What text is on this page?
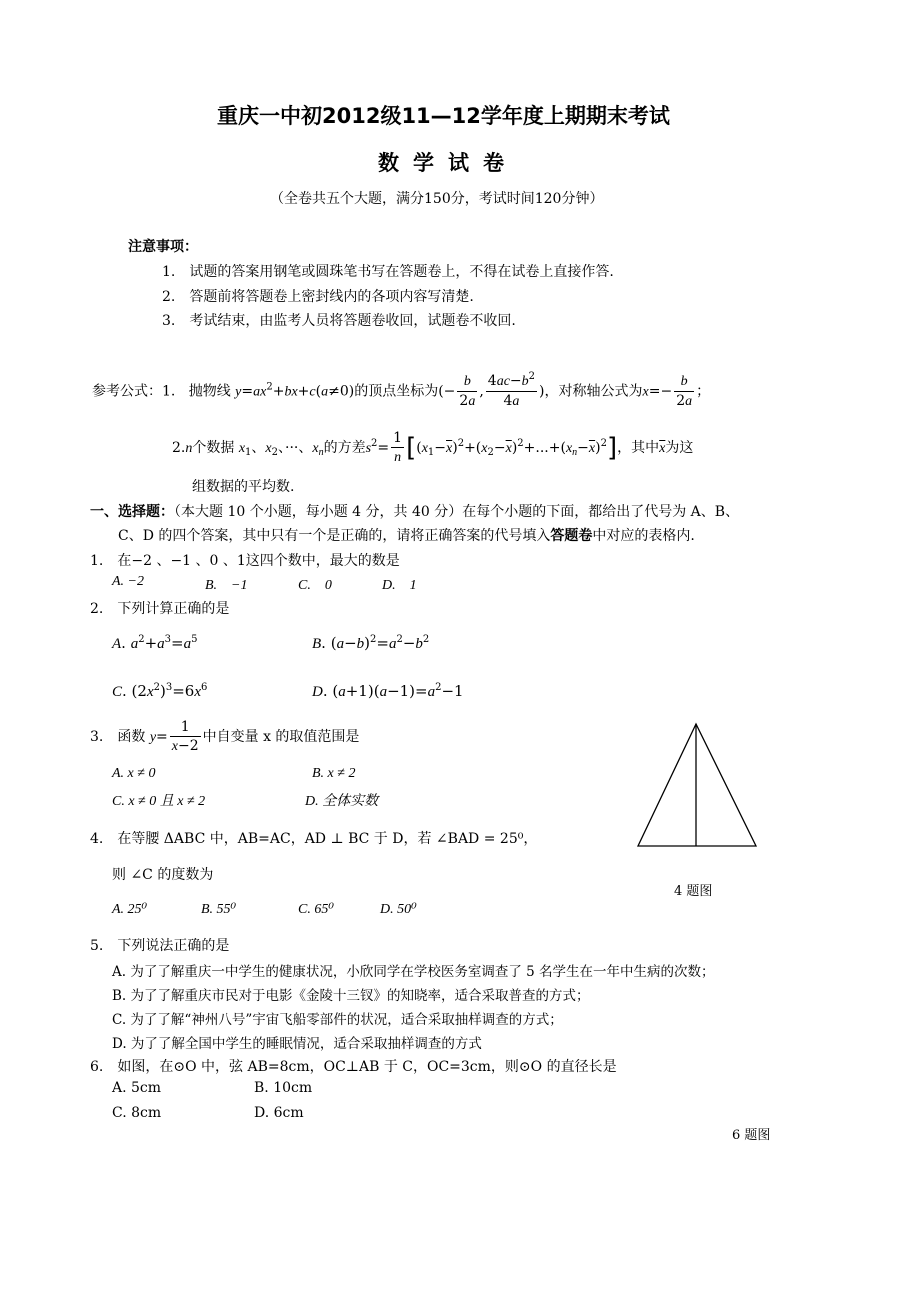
重庆一中初2012级11—12学年度上期期末考试
数学试卷
（全卷共五个大题，满分150分，考试时间120分钟）
注意事项：
1.　试题的答案用钢笔或圆珠笔书写在答题卷上，不得在试卷上直接作答.
2.　答题前将答题卷上密封线内的各项内容写清楚.
3.　考试结束，由监考人员将答题卷收回，试题卷不收回.
参考公式：1. 抛物线 $y=ax^2+bx+c(a\ne 0)$的顶点坐标为(− $\frac{b}{2a}$ , $\frac{4ac-b^2}{4a}$ )，对称轴公式为$x=- \frac{b}{2a}$ ；
2.n个数据 $x_1$、$x_2$、···、$x_n$的方差$s^2= \frac{1}{n} [(x_1-\overline{x})^2+(x_2-\overline{x})^2+...+(x_n-\overline{x})^2]$，其中$\overline{x}$为这
组数据的平均数.
一、选择题：（本大题 10 个小题，每小题 4 分，共 40 分）在每个小题的下面，都给出了代号为 A、B、
C、D 的四个答案，其中只有一个是正确的，请将正确答案的代号填入答题卷中对应的表格内.
1.　在−2 、−1 、0 、1这四个数中，最大的数是
A. −2	B.　−1	C.　0	D.　1
2.　下列计算正确的是
A. $a^2+a^3=a^5$	B. $(a-b)^2=a^2-b^2$
C. $(2x^2)^3=6x^6$	D. $(a+1)(a-1)=a^2-1$
3.　函数 $y= \frac{1}{x-2}$ 中自变量 x 的取值范围是
A. x ≠ 0	B. x ≠ 2
C. x ≠ 0 且 x ≠ 2	D. 全体实数
4 题图
4.　在等腰 ΔABC 中，AB=AC，AD ⊥ BC 于 D，若 ∠BAD = 25⁰，
则 ∠C 的度数为
A. 25⁰	B. 55⁰	C. 65⁰	D. 50⁰
5.　下列说法正确的是
A. 为了了解重庆一中学生的健康状况，小欣同学在学校医务室调查了 5 名学生在一年中生病的次数；
B. 为了了解重庆市民对于电影《金陵十三钗》的知晓率，适合采取普查的方式；
C. 为了了解“神州八号”宇宙飞船零部件的状况，适合采取抽样调查的方式；
D. 为了了解全国中学生的睡眠情况，适合采取抽样调查的方式
6.　如图，在⊙O 中，弦 AB=8cm，OC⊥AB 于 C，OC=3cm，则⊙O 的直径长是
A. 5cm	B. 10cm
C. 8cm	D. 6cm
6 题图
